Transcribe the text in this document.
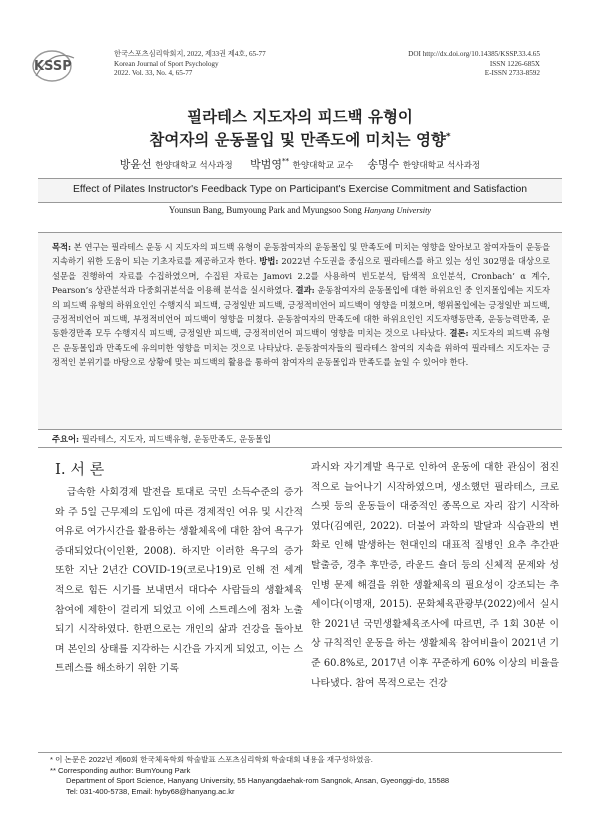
KSSP
한국스포츠심리학회지, 2022, 제33권 제4호, 65-77
Korean Journal of Sport Psychology
2022. Vol. 33, No. 4, 65-77
DOI http://dx.doi.org/10.14385/KSSP.33.4.65
ISSN 1226-685X
E-ISSN 2733-8592
필라테스 지도자의 피드백 유형이
참여자의 운동몰입 및 만족도에 미치는 영향*
방윤선 한양대학교 석사과정 박범영** 한양대학교 교수 송명수 한양대학교 석사과정
Effect of Pilates Instructor's Feedback Type on Participant's Exercise Commitment and Satisfaction
Younsun Bang, Bumyoung Park and Myungsoo Song Hanyang University
목적: 본 연구는 필라테스 운동 시 지도자의 피드백 유형이 운동참여자의 운동몰입 및 만족도에 미치는 영향을 알아보고 참여자들이 운동을 지속하기 위한 도움이 되는 기초자료를 제공하고자 한다. 방법: 2022년 수도권을 중심으로 필라테스를 하고 있는 성인 302명을 대상으로 설문을 진행하여 자료를 수집하였으며, 수집된 자료는 Jamovi 2.2를 사용하여 빈도분석, 탐색적 요인분석, Cronbach’ α 계수, Pearson’s 상관분석과 다중회귀분석을 이용해 분석을 실시하였다. 결과: 운동참여자의 운동몰입에 대한 하위요인 중 인지몰입에는 지도자의 피드백 유형의 하위요인인 수행지식 피드백, 긍정일반 피드백, 긍정적비언어 피드백이 영향을 미쳤으며, 행위몰입에는 긍정일반 피드백, 긍정적비언어 피드백, 부정적비언어 피드백이 영향을 미쳤다. 운동참여자의 만족도에 대한 하위요인인 지도자행동만족, 운동능력만족, 운동환경만족 모두 수행지식 피드백, 긍정일반 피드백, 긍정적비언어 피드백이 영향을 미치는 것으로 나타났다. 결론: 지도자의 피드백 유형은 운동몰입과 만족도에 유의미한 영향을 미치는 것으로 나타났다. 운동참여자들의 필라테스 참여의 지속을 위하여 필라테스 지도자는 긍정적인 분위기를 바탕으로 상황에 맞는 피드백의 활용을 통하여 참여자의 운동몰입과 만족도를 높일 수 있어야 한다.
주요어: 필라테스, 지도자, 피드백유형, 운동만족도, 운동몰입
I. 서 론

급속한 사회경제 발전을 토대로 국민 소득수준의 증가와 주 5일 근무제의 도입에 따른 경제적인 여유 및 시간적 여유로 여가시간을 활용하는 생활체육에 대한 참여 욕구가 증대되었다(이인환, 2008). 하지만 이러한 욕구의 증가 또한 지난 2년간 COVID-19(코로나19)로 인해 전 세계적으로 힘든 시기를 보내면서 대다수 사람들의 생활체육 참여에 제한이 걸리게 되었고 이에 스트레스에 점차 노출되기 시작하였다. 한편으로는 개인의 삶과 건강을 돌아보며 본인의 상태를 지각하는 시간을 가지게 되었고, 이는 스트레스를 해소하기 위한 기록

과시와 자기계발 욕구로 인하여 운동에 대한 관심이 점진적으로 늘어나기 시작하였으며, 생소했던 필라테스, 크로스핏 등의 운동들이 대중적인 종목으로 자리 잡기 시작하였다(김예린, 2022). 더불어 과학의 발달과 식습관의 변화로 인해 발생하는 현대인의 대표적 질병인 요추 추간판 탈출증, 경추 후만증, 라운드 숄더 등의 신체적 문제와 성인병 문제 해결을 위한 생활체육의 필요성이 강조되는 추세이다(이명재, 2015). 문화체육관광부(2022)에서 실시한 2021년 국민생활체육조사에 따르면, 주 1회 30분 이상 규칙적인 운동을 하는 생활체육 참여비율이 2021년 기준 60.8%로, 2017년 이후 꾸준하게 60% 이상의 비율을 나타냈다. 참여 목적으로는 건강

* 이 논문은 2022년 제60회 한국체육학회 학술발표 스포츠심리학회 학술대회 내용을 재구성하였음.

** Corresponding author: BumYoung Park

Department of Sport Science, Hanyang University, 55 Hanyangdaehak-rom Sangnok, Ansan, Gyeonggi-do, 15588

Tel: 031-400-5738, Email: hyby68@hanyang.ac.kr
